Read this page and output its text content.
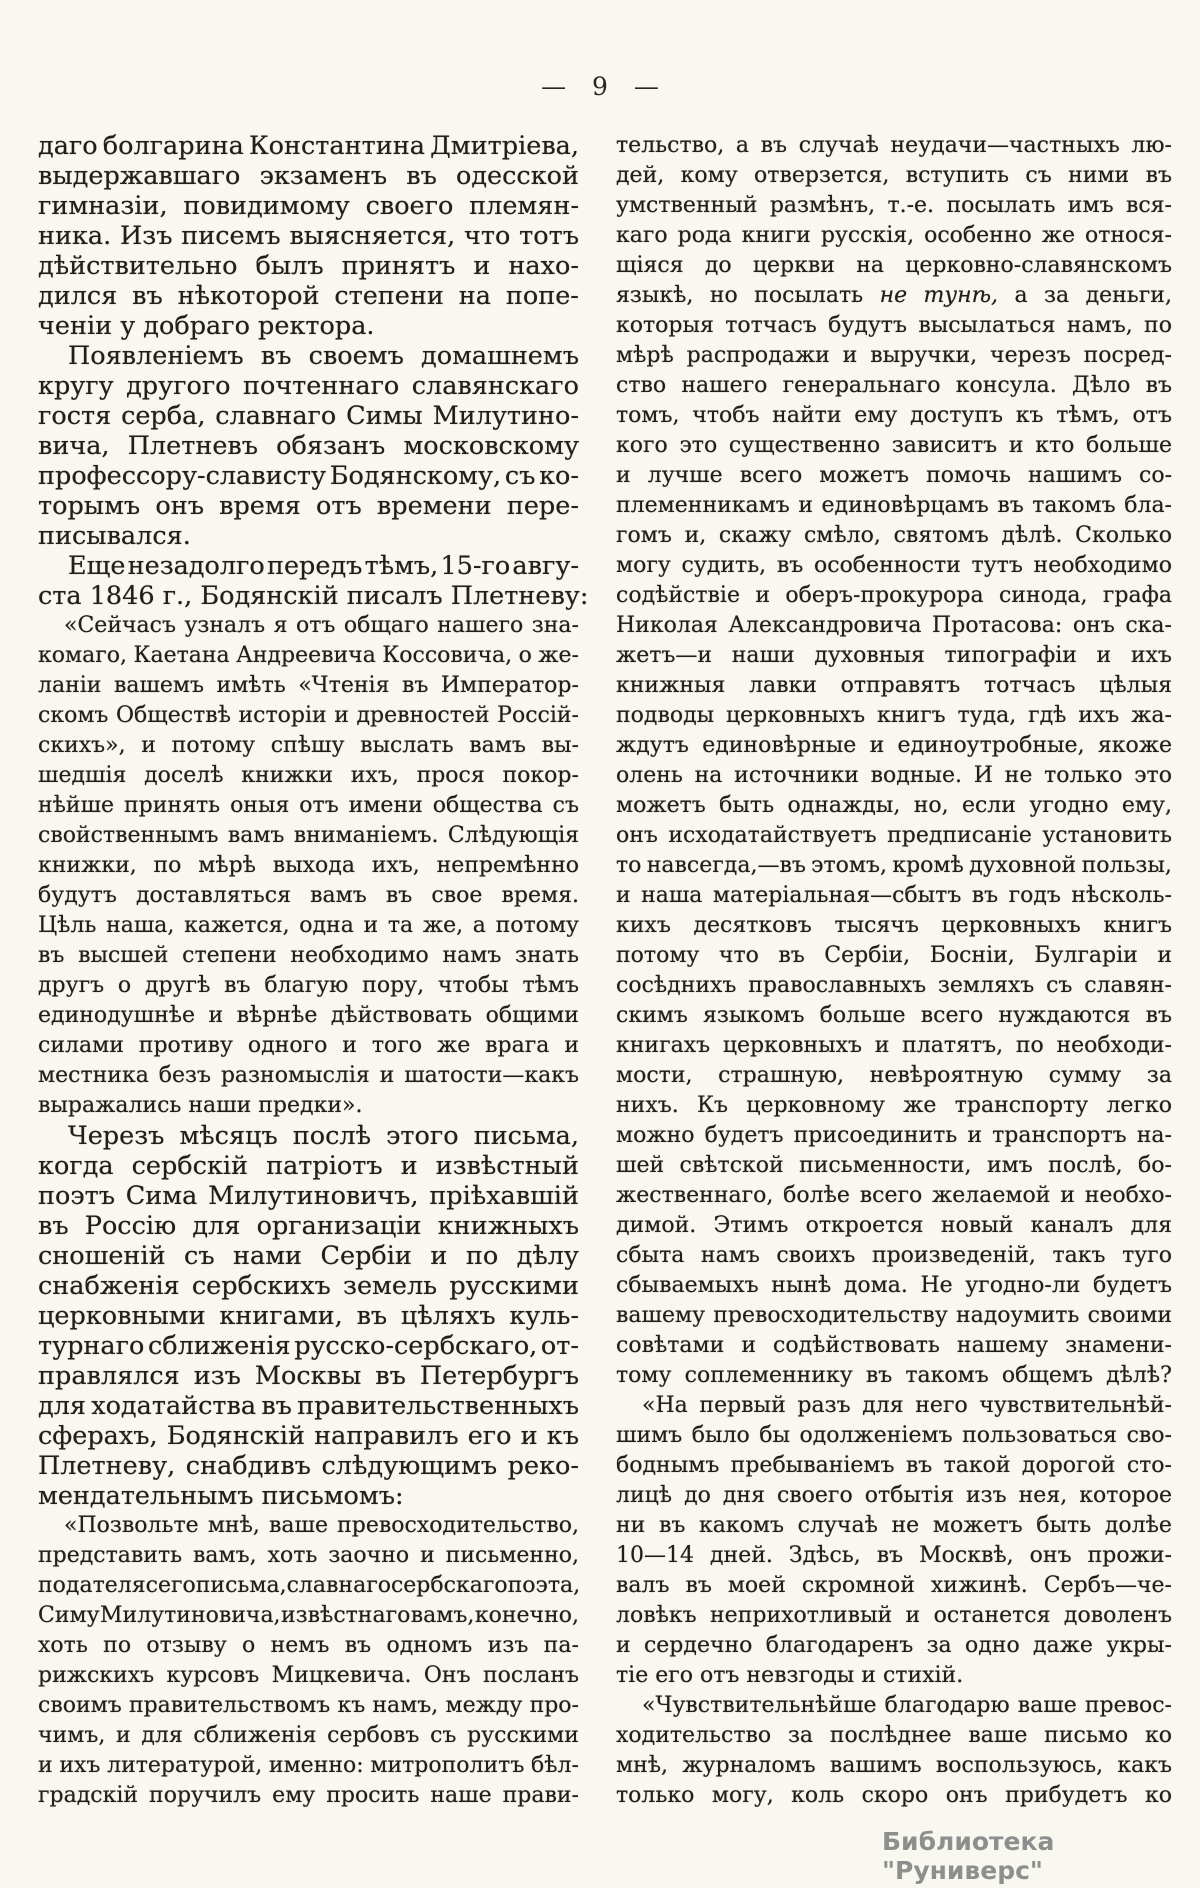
— 9 —
даго болгарина Константина Дмитріева,
выдержавшаго экзаменъ въ одесской
гимназіи, повидимому своего племян-
ника. Изъ писемъ выясняется, что тотъ
дѣйствительно былъ принятъ и нахо-
дился въ нѣкоторой степени на попе-
ченіи у добраго ректора.
Появленіемъ въ своемъ домашнемъ
кругу другого почтеннаго славянскаго
гостя серба, славнаго Симы Милутино-
вича, Плетневъ обязанъ московскому
профессору-слависту Бодянскому, съ ко-
торымъ онъ время отъ времени пере-
писывался.
Еще незадолго передъ тѣмъ, 15-го авгу-
ста 1846 г., Бодянскій писалъ Плетневу:
«Сейчасъ узналъ я отъ общаго нашего зна-
комаго, Каетана Андреевича Коссовича, о же-
ланіи вашемъ имѣть «Чтенія въ Император-
скомъ Обществѣ исторіи и древностей Россій-
скихъ», и потому спѣшу выслать вамъ вы-
шедшія доселѣ книжки ихъ, прося покор-
нѣйше принять оныя отъ имени общества съ
свойственнымъ вамъ вниманіемъ. Слѣдующія
книжки, по мѣрѣ выхода ихъ, непремѣнно
будутъ доставляться вамъ въ свое время.
Цѣль наша, кажется, одна и та же, а потому
въ высшей степени необходимо намъ знать
другъ о другѣ въ благую пору, чтобы тѣмъ
единодушнѣе и вѣрнѣе дѣйствовать общими
силами противу одного и того же врага и
местника безъ разномыслія и шатости—какъ
выражались наши предки».
Черезъ мѣсяцъ послѣ этого письма,
когда сербскій патріотъ и извѣстный
поэтъ Сима Милутиновичъ, пріѣхавшій
въ Россію для организаціи книжныхъ
сношеній съ нами Сербіи и по дѣлу
снабженія сербскихъ земель русскими
церковными книгами, въ цѣляхъ куль-
турнаго сближенія русско-сербскаго, от-
правлялся изъ Москвы въ Петербургъ
для ходатайства въ правительственныхъ
сферахъ, Бодянскій направилъ его и къ
Плетневу, снабдивъ слѣдующимъ реко-
мендательнымъ письмомъ:
«Позвольте мнѣ, ваше превосходительство,
представить вамъ, хоть заочно и письменно,
подателя сего письма, славнаго сербскаго поэта,
Симу Милутиновича, извѣстнаго вамъ, конечно,
хоть по отзыву о немъ въ одномъ изъ па-
рижскихъ курсовъ Мицкевича. Онъ посланъ
своимъ правительствомъ къ намъ, между про-
чимъ, и для сближенія сербовъ съ русскими
и ихъ литературой, именно: митрополитъ бѣл-
градскій поручилъ ему просить наше прави-
тельство, а въ случаѣ неудачи—частныхъ лю-
дей, кому отверзется, вступить съ ними въ
умственный размѣнъ, т.-е. посылать имъ вся-
каго рода книги русскія, особенно же относя-
щіяся до церкви на церковно-славянскомъ
языкѣ, но посылать не тунѣ, а за деньги,
которыя тотчасъ будутъ высылаться намъ, по
мѣрѣ распродажи и выручки, черезъ посред-
ство нашего генеральнаго консула. Дѣло въ
томъ, чтобъ найти ему доступъ къ тѣмъ, отъ
кого это существенно зависитъ и кто больше
и лучше всего можетъ помочь нашимъ со-
племенникамъ и единовѣрцамъ въ такомъ бла-
гомъ и, скажу смѣло, святомъ дѣлѣ. Сколько
могу судить, въ особенности тутъ необходимо
содѣйствіе и оберъ-прокурора синода, графа
Николая Александровича Протасова: онъ ска-
жетъ—и наши духовныя типографіи и ихъ
книжныя лавки отправятъ тотчасъ цѣлыя
подводы церковныхъ книгъ туда, гдѣ ихъ жа-
ждутъ единовѣрные и единоутробные, якоже
олень на источники водные. И не только это
можетъ быть однажды, но, если угодно ему,
онъ исходатайствуетъ предписаніе установить
то навсегда,—въ этомъ, кромѣ духовной пользы,
и наша матеріальная—сбытъ въ годъ нѣсколь-
кихъ десятковъ тысячъ церковныхъ книгъ
потому что въ Сербіи, Босніи, Булгаріи и
сосѣднихъ православныхъ земляхъ съ славян-
скимъ языкомъ больше всего нуждаются въ
книгахъ церковныхъ и платятъ, по необходи-
мости, страшную, невѣроятную сумму за
нихъ. Къ церковному же транспорту легко
можно будетъ присоединить и транспортъ на-
шей свѣтской письменности, имъ послѣ, бо-
жественнаго, болѣе всего желаемой и необхо-
димой. Этимъ откроется новый каналъ для
сбыта намъ своихъ произведеній, такъ туго
сбываемыхъ нынѣ дома. Не угодно-ли будетъ
вашему превосходительству надоумить своими
совѣтами и содѣйствовать нашему знамени-
тому соплеменнику въ такомъ общемъ дѣлѣ?
«На первый разъ для него чувствительнѣй-
шимъ было бы одолженіемъ пользоваться сво-
боднымъ пребываніемъ въ такой дорогой сто-
лицѣ до дня своего отбытія изъ нея, которое
ни въ какомъ случаѣ не можетъ быть долѣе
10—14 дней. Здѣсь, въ Москвѣ, онъ прожи-
валъ въ моей скромной хижинѣ. Сербъ—че-
ловѣкъ неприхотливый и останется доволенъ
и сердечно благодаренъ за одно даже укры-
тіе его отъ невзгоды и стихій.
«Чувствительнѣйше благодарю ваше превос-
ходительство за послѣднее ваше письмо ко
мнѣ, журналомъ вашимъ воспользуюсь, какъ
только могу, коль скоро онъ прибудетъ ко
Библиотека "Руниверс"
